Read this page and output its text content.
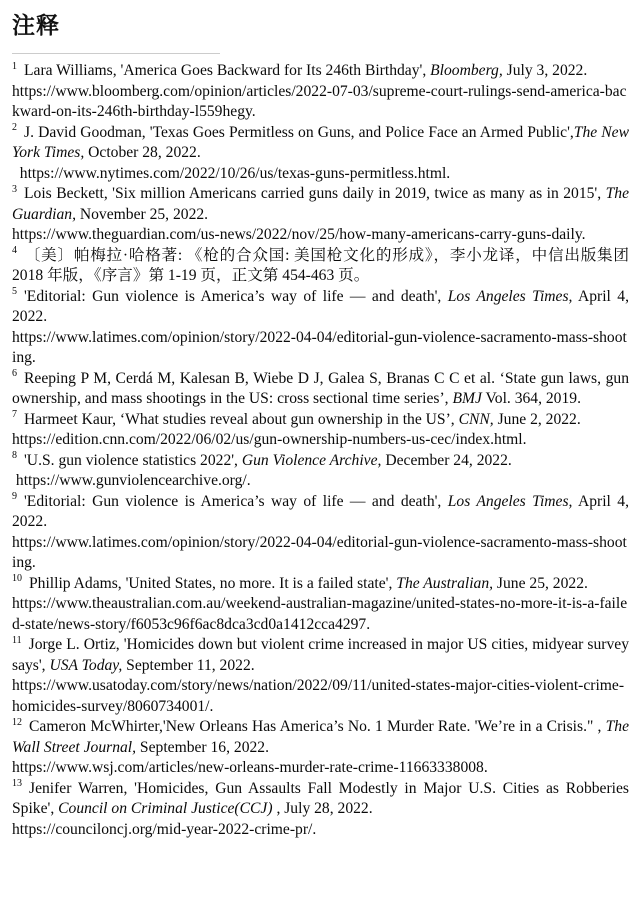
注释

$^1$ Lara Williams, 'America Goes Backward for Its 246th Birthday', Bloomberg, July 3, 2022.
https://www.bloomberg.com/opinion/articles/2022-07-03/supreme-court-rulings-send-america-backward-on-its-246th-birthday-l559hegy.

$^2$ J. David Goodman, 'Texas Goes Permitless on Guns, and Police Face an Armed Public',The New York Times, October 28, 2022.
https://www.nytimes.com/2022/10/26/us/texas-guns-permitless.html.

$^3$ Lois Beckett, 'Six million Americans carried guns daily in 2019, twice as many as in 2015', The Guardian, November 25, 2022.
https://www.theguardian.com/us-news/2022/nov/25/how-many-americans-carry-guns-daily.

$^4$ 〔美〕帕梅拉·哈格著: 《枪的合众国: 美国枪文化的形成》，李小龙译，中信出版集团 2018 年版，《序言》第 1-19 页，正文第 454-463 页。

$^5$ 'Editorial: Gun violence is America’s way of life — and death', Los Angeles Times, April 4, 2022.
https://www.latimes.com/opinion/story/2022-04-04/editorial-gun-violence-sacramento-mass-shooting.

$^6$ Reeping P M, Cerdá M, Kalesan B, Wiebe D J, Galea S, Branas C C et al. ‘State gun laws, gun ownership, and mass shootings in the US: cross sectional time series’, BMJ Vol. 364, 2019.

$^7$ Harmeet Kaur, ‘What studies reveal about gun ownership in the US’, CNN, June 2, 2022.
https://edition.cnn.com/2022/06/02/us/gun-ownership-numbers-us-cec/index.html.

$^8$ 'U.S. gun violence statistics 2022', Gun Violence Archive, December 24, 2022.
https://www.gunviolencearchive.org/.

$^9$ 'Editorial: Gun violence is America’s way of life — and death', Los Angeles Times, April 4, 2022.
https://www.latimes.com/opinion/story/2022-04-04/editorial-gun-violence-sacramento-mass-shooting.

$^{10}$ Phillip Adams, 'United States, no more. It is a failed state', The Australian, June 25, 2022.
https://www.theaustralian.com.au/weekend-australian-magazine/united-states-no-more-it-is-a-failed-state/news-story/f6053c96f6ac8dca3cd0a1412cca4297.

$^{11}$ Jorge L. Ortiz, 'Homicides down but violent crime increased in major US cities, midyear survey says', USA Today, September 11, 2022.
https://www.usatoday.com/story/news/nation/2022/09/11/united-states-major-cities-violent-crime-homicides-survey/8060734001/.

$^{12}$ Cameron McWhirter,'New Orleans Has America’s No. 1 Murder Rate. 'We’re in a Crisis." , The Wall Street Journal, September 16, 2022.
https://www.wsj.com/articles/new-orleans-murder-rate-crime-11663338008.

$^{13}$ Jenifer Warren, 'Homicides, Gun Assaults Fall Modestly in Major U.S. Cities as Robberies Spike', Council on Criminal Justice(CCJ) , July 28, 2022.
https://counciloncj.org/mid-year-2022-crime-pr/.
